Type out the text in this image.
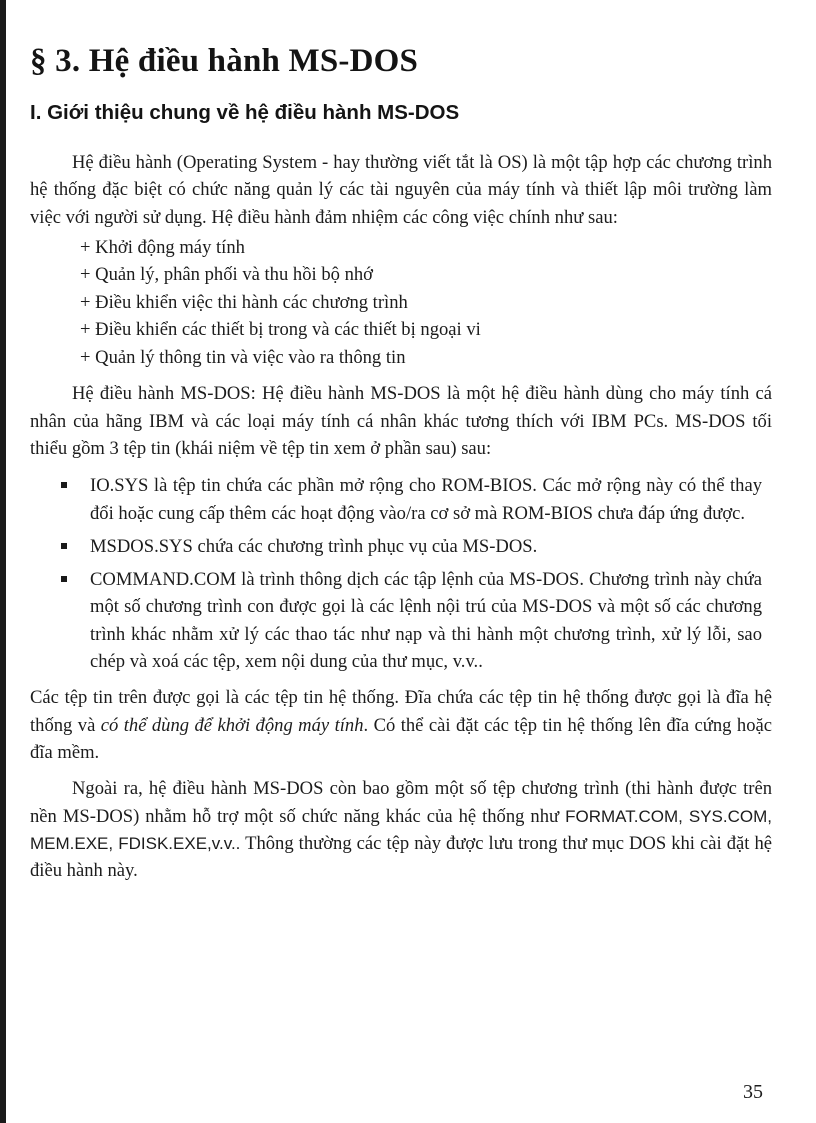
§ 3. Hệ điều hành MS-DOS
I. Giới thiệu chung về hệ điều hành MS-DOS

Hệ điều hành (Operating System - hay thường viết tắt là OS) là một tập hợp các chương trình hệ thống đặc biệt có chức năng quản lý các tài nguyên của máy tính và thiết lập môi trường làm việc với người sử dụng. Hệ điều hành đảm nhiệm các công việc chính như sau:

+ Khởi động máy tính
+ Quản lý, phân phối và thu hồi bộ nhớ
+ Điều khiển việc thi hành các chương trình
+ Điều khiển các thiết bị trong và các thiết bị ngoại vi
+ Quản lý thông tin và việc vào ra thông tin

Hệ điều hành MS-DOS: Hệ điều hành MS-DOS là một hệ điều hành dùng cho máy tính cá nhân của hãng IBM và các loại máy tính cá nhân khác tương thích với IBM PCs. MS-DOS tối thiểu gồm 3 tệp tin (khái niệm về tệp tin xem ở phần sau) sau:

IO.SYS là tệp tin chứa các phần mở rộng cho ROM-BIOS. Các mở rộng này có thể thay đổi hoặc cung cấp thêm các hoạt động vào/ra cơ sở mà ROM-BIOS chưa đáp ứng được.
MSDOS.SYS chứa các chương trình phục vụ của MS-DOS.
COMMAND.COM là trình thông dịch các tập lệnh của MS-DOS. Chương trình này chứa một số chương trình con được gọi là các lệnh nội trú của MS-DOS và một số các chương trình khác nhằm xử lý các thao tác như nạp và thi hành một chương trình, xử lý lỗi, sao chép và xoá các tệp, xem nội dung của thư mục, v.v..

Các tệp tin trên được gọi là các tệp tin hệ thống. Đĩa chứa các tệp tin hệ thống được gọi là đĩa hệ thống và có thể dùng để khởi động máy tính. Có thể cài đặt các tệp tin hệ thống lên đĩa cứng hoặc đĩa mềm.

Ngoài ra, hệ điều hành MS-DOS còn bao gồm một số tệp chương trình (thi hành được trên nền MS-DOS) nhằm hỗ trợ một số chức năng khác của hệ thống như FORMAT.COM, SYS.COM, MEM.EXE, FDISK.EXE,v.v.. Thông thường các tệp này được lưu trong thư mục DOS khi cài đặt hệ điều hành này.

35
